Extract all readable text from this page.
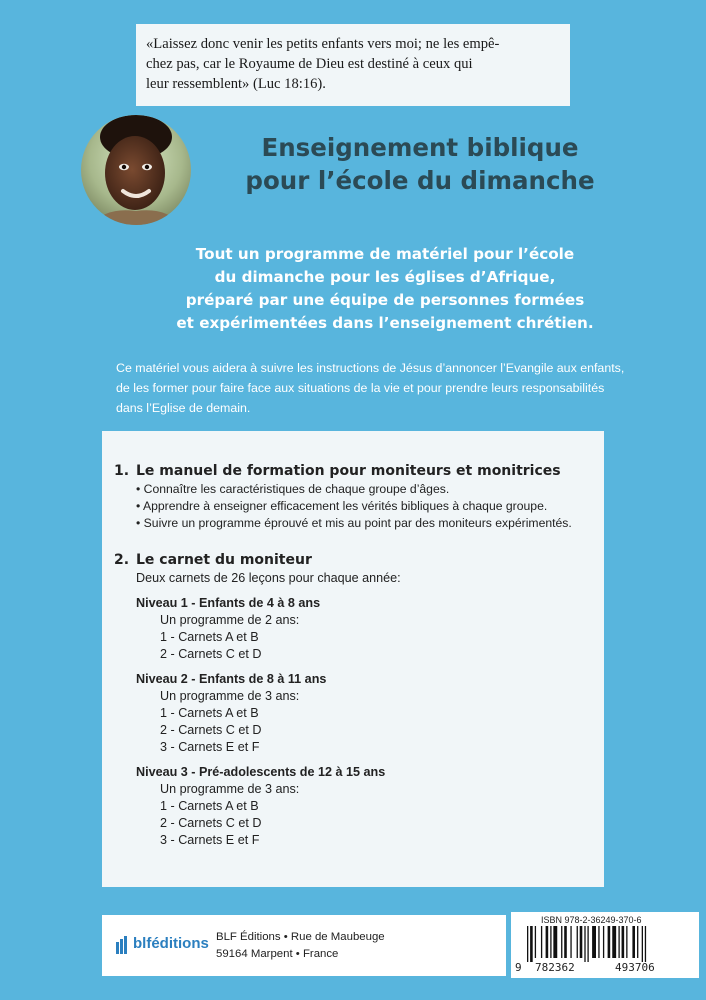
«Laissez donc venir les petits enfants vers moi; ne les empê-
chez pas, car le Royaume de Dieu est destiné à ceux qui
leur ressemblent» (Luc 18:16).
Enseignement biblique
pour l’école du dimanche
Tout un programme de matériel pour l’école
du dimanche pour les églises d’Afrique,
préparé par une équipe de personnes formées
et expérimentées dans l’enseignement chrétien.
Ce matériel vous aidera à suivre les instructions de Jésus d’annoncer l’Evangile aux enfants,
de les former pour faire face aux situations de la vie et pour prendre leurs responsabilités
dans l’Eglise de demain.
1. Le manuel de formation pour moniteurs et monitrices
• Connaître les caractéristiques de chaque groupe d’âges.
• Apprendre à enseigner efficacement les vérités bibliques à chaque groupe.
• Suivre un programme éprouvé et mis au point par des moniteurs expérimentés.
2. Le carnet du moniteur
Deux carnets de 26 leçons pour chaque année:
Niveau 1 - Enfants de 4 à 8 ans
Un programme de 2 ans:
1 - Carnets A et B
2 - Carnets C et D
Niveau 2 - Enfants de 8 à 11 ans
Un programme de 3 ans:
1 - Carnets A et B
2 - Carnets C et D
3 - Carnets E et F
Niveau 3 - Pré-adolescents de 12 à 15 ans
Un programme de 3 ans:
1 - Carnets A et B
2 - Carnets C et D
3 - Carnets E et F
blféditions BLF Éditions • Rue de Maubeuge
59164 Marpent • France
ISBN 978-2-36249-370-6
9 782362	493706
